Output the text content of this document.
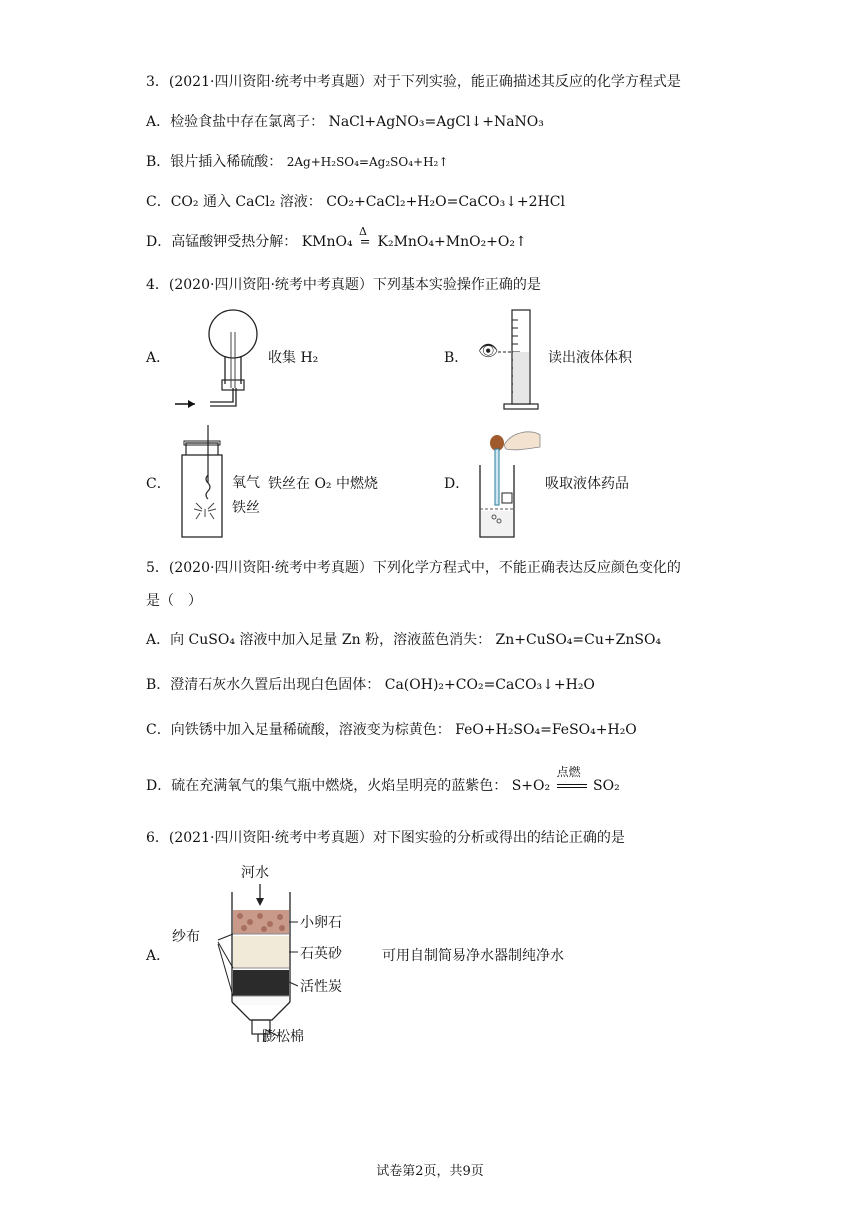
3．(2021·四川资阳·统考中考真题）对于下列实验，能正确描述其反应的化学方程式是
A．检验食盐中存在氯离子： NaCl+AgNO₃=AgCl↓+NaNO₃
B．银片插入稀硫酸： 2Ag+H₂SO₄=Ag₂SO₄+H₂↑
C．CO₂ 通入 CaCl₂ 溶液： CO₂+CaCl₂+H₂O=CaCO₃↓+2HCl
D．高锰酸钾受热分解： KMnO₄
Δ
= K₂MnO₄+MnO₂+O₂↑
4．(2020·四川资阳·统考中考真题）下列基本实验操作正确的是
A．	收集 H₂	B． 👁	读出液体体积
C．	氧气 铁丝在 O₂ 中燃烧
铁丝
D．	吸取液体药品
5．(2020·四川资阳·统考中考真题）下列化学方程式中，不能正确表达反应颜色变化的
是（　）
A．向 CuSO₄ 溶液中加入足量 Zn 粉，溶液蓝色消失： Zn+CuSO₄=Cu+ZnSO₄
B．澄清石灰水久置后出现白色固体： Ca(OH)₂+CO₂=CaCO₃↓+H₂O
C．向铁锈中加入足量稀硫酸，溶液变为棕黄色： FeO+H₂SO₄=FeSO₄+H₂O
D．硫在充满氧气的集气瓶中燃烧，火焰呈明亮的蓝紫色： S+O₂
点燃
SO₂
6．(2021·四川资阳·统考中考真题）对下图实验的分析或得出的结论正确的是
A．
河水
纱布
小卵石
石英砂
活性炭
膨松棉
可用自制简易净水器制纯净水
试卷第2页，共9页
